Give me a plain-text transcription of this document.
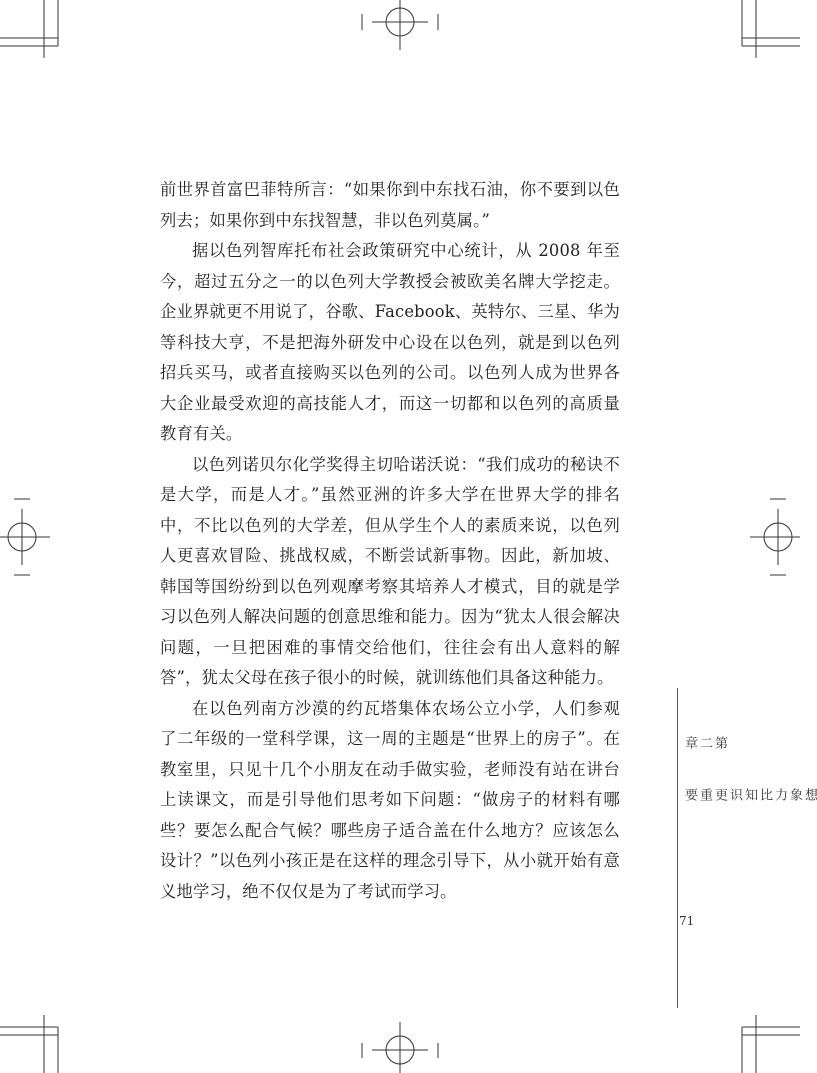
前世界首富巴菲特所言：“如果你到中东找石油，你不要到以色列去；如果你到中东找智慧，非以色列莫属。”

据以色列智库托布社会政策研究中心统计，从 2008 年至今，超过五分之一的以色列大学教授会被欧美名牌大学挖走。企业界就更不用说了，谷歌、Facebook、英特尔、三星、华为等科技大亨，不是把海外研发中心设在以色列，就是到以色列招兵买马，或者直接购买以色列的公司。以色列人成为世界各大企业最受欢迎的高技能人才，而这一切都和以色列的高质量教育有关。

以色列诺贝尔化学奖得主切哈诺沃说：“我们成功的秘诀不是大学，而是人才。”虽然亚洲的许多大学在世界大学的排名中，不比以色列的大学差，但从学生个人的素质来说，以色列人更喜欢冒险、挑战权威，不断尝试新事物。因此，新加坡、韩国等国纷纷到以色列观摩考察其培养人才模式，目的就是学习以色列人解决问题的创意思维和能力。因为“犹太人很会解决问题，一旦把困难的事情交给他们，往往会有出人意料的解答”，犹太父母在孩子很小的时候，就训练他们具备这种能力。

在以色列南方沙漠的约瓦塔集体农场公立小学，人们参观了二年级的一堂科学课，这一周的主题是“世界上的房子”。在教室里，只见十几个小朋友在动手做实验，老师没有站在讲台上读课文，而是引导他们思考如下问题：“做房子的材料有哪些？要怎么配合气候？哪些房子适合盖在什么地方？应该怎么设计？”以色列小孩正是在这样的理念引导下，从小就开始有意义地学习，绝不仅仅是为了考试而学习。

第二章
想象力比知识更重要
71
